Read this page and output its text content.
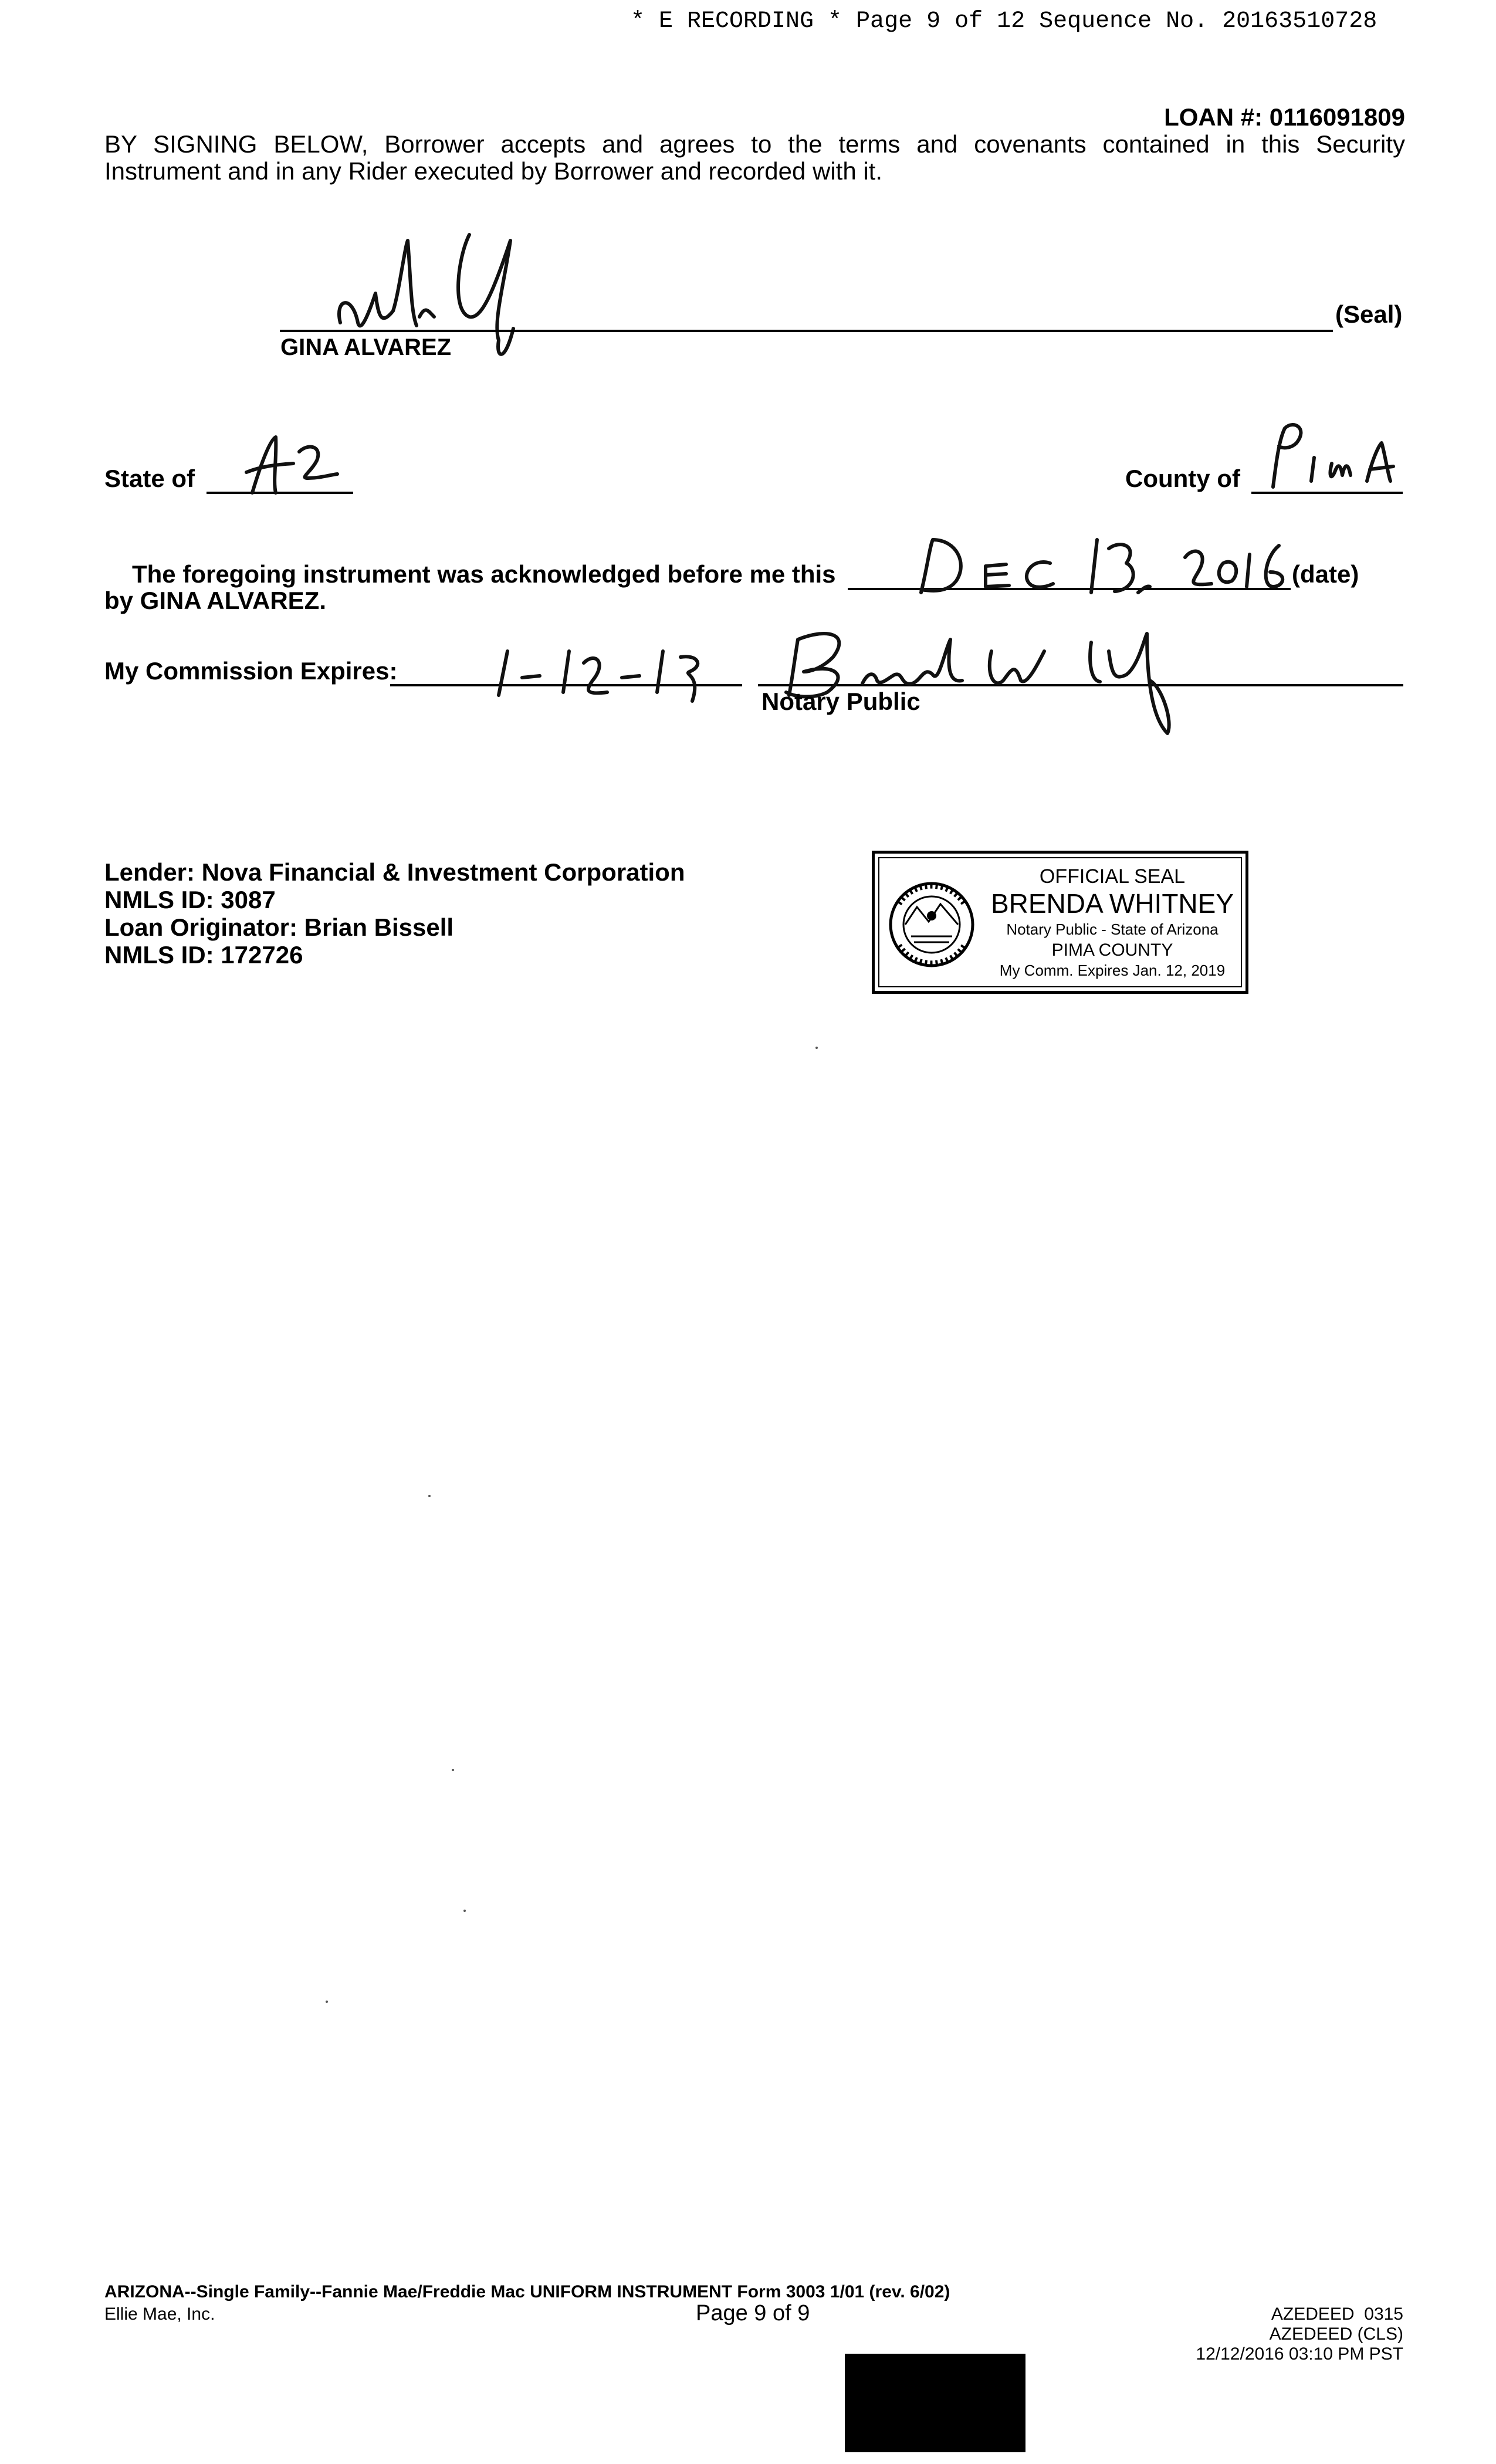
* E RECORDING * Page 9 of 12 Sequence No. 20163510728
LOAN #: 0116091809
BY SIGNING BELOW, Borrower accepts and agrees to the terms and covenants contained in this Security
Instrument and in any Rider executed by Borrower and recorded with it.
GINA ALVAREZ
(Seal)
State of	County of
The foregoing instrument was acknowledged before me this	(date)
by GINA ALVAREZ.
My Commission Expires:
Notary Public
Lender: Nova Financial & Investment Corporation
NMLS ID: 3087
Loan Originator: Brian Bissell
NMLS ID: 172726
OFFICIAL SEAL
BRENDA WHITNEY
Notary Public - State of Arizona
PIMA COUNTY
My Comm. Expires Jan. 12, 2019
ARIZONA--Single Family--Fannie Mae/Freddie Mac UNIFORM INSTRUMENT Form 3003 1/01 (rev. 6/02)
Ellie Mae, Inc.	Page 9 of 9	AZEDEED  0315
AZEDEED (CLS)
12/12/2016 03:10 PM PST
